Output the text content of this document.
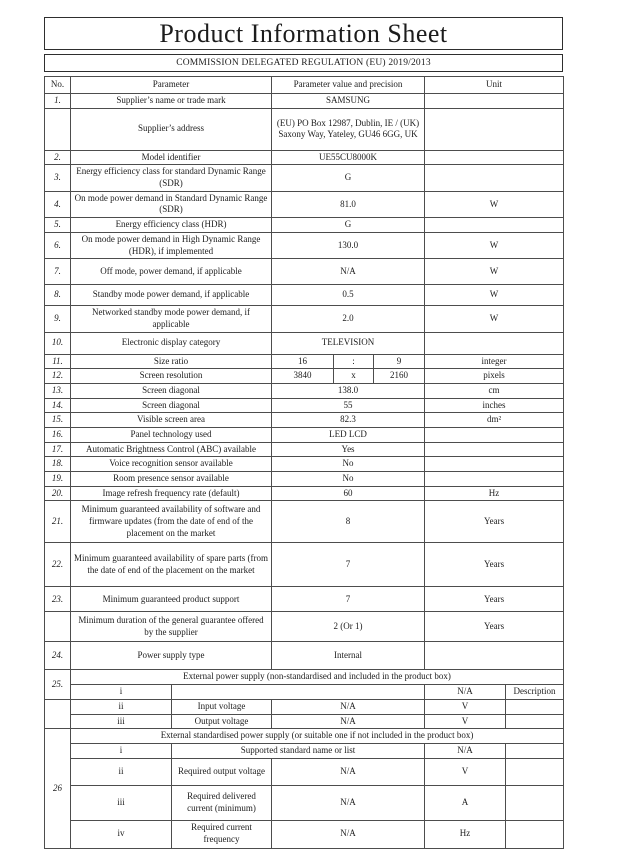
Product Information Sheet
COMMISSION DELEGATED REGULATION (EU) 2019/2013
No.	Parameter		Parameter value and precision			Unit	
1.	Supplier’s name or trade mark		SAMSUNG				
	Supplier’s address		(EU) PO Box 12987, Dublin, IE / (UK) Saxony Way, Yateley, GU46 6GG, UK				
2.	Model identifier		UE55CU8000K				
3.	Energy efficiency class for standard Dynamic Range (SDR)		G				
4.	On mode power demand in Standard Dynamic Range (SDR)		81.0			W	
5.	Energy efficiency class (HDR)		G				
6.	On mode power demand in High Dynamic Range (HDR), if implemented		130.0			W	
7.	Off mode, power demand, if applicable		N/A			W	
8.	Standby mode power demand, if applicable		0.5			W	
9.	Networked standby mode power demand, if applicable		2.0			W	
10.	Electronic display category		TELEVISION				
11.	Size ratio		16	:	9	integer	
12.	Screen resolution		3840	x	2160	pixels	
13.	Screen diagonal		138.0			cm	
14.	Screen diagonal		55			inches	
15.	Visible screen area		82.3			dm²	
16.	Panel technology used		LED LCD				
17.	Automatic Brightness Control (ABC) available		Yes				
18.	Voice recognition sensor available		No				
19.	Room presence sensor available		No				
20.	Image refresh frequency rate (default)		60			Hz	
21.	Minimum guaranteed availability of software and firmware updates (from the date of end of the placement on the market		8			Years	
22.	Minimum guaranteed availability of spare parts (from the date of end of the placement on the market		7			Years	
23.	Minimum guaranteed product support		7			Years	
	Minimum duration of the general guarantee offered by the supplier		2 (Or 1)			Years	
24.	Power supply type		Internal				
25.	External power supply (non-standardised and included in the product box)						
	i					N/A	Description
	ii	Input voltage	N/A			V	
	iii	Output voltage	N/A			V	
26	External standardised power supply (or suitable one if not included in the product box)						
	i	Supported standard name or list				N/A	
	ii	Required output voltage	N/A			V	
	iii	Required delivered current (minimum)	N/A			A	
	iv	Required current frequency	N/A			Hz	
